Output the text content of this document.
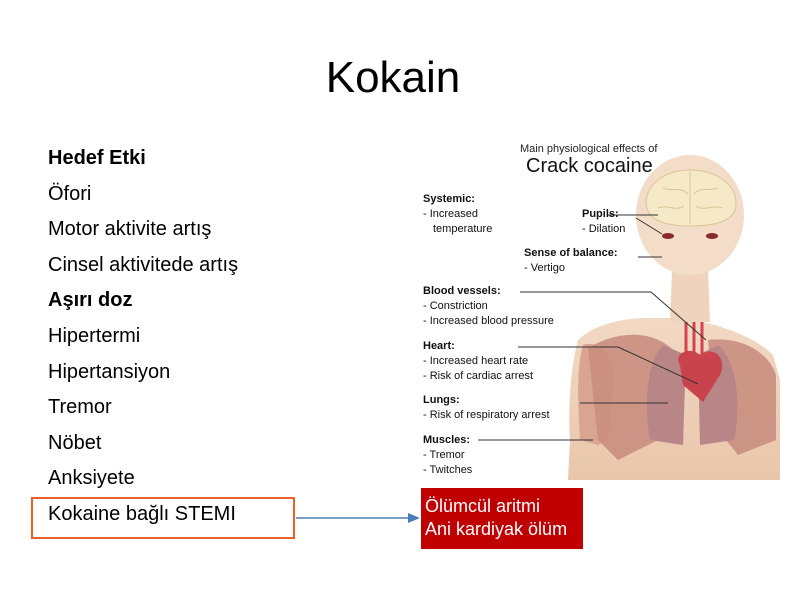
Kokain
Hedef Etki
Öfori
Motor aktivite artış
Cinsel aktivitede artış
Aşırı doz
Hipertermi
Hipertansiyon
Tremor
Nöbet
Anksiyete
Kokaine bağlı STEMI	Ölümcül aritmi
Ani kardiyak ölüm
Main physiological effects of
Crack cocaine
Systemic:
- Increased
temperature
Pupils:
- Dilation
Sense of balance:
- Vertigo
Blood vessels:
- Constriction
- Increased blood pressure
Heart:
- Increased heart rate
- Risk of cardiac arrest
Lungs:
- Risk of respiratory arrest
Muscles:
- Tremor
- Twitches
